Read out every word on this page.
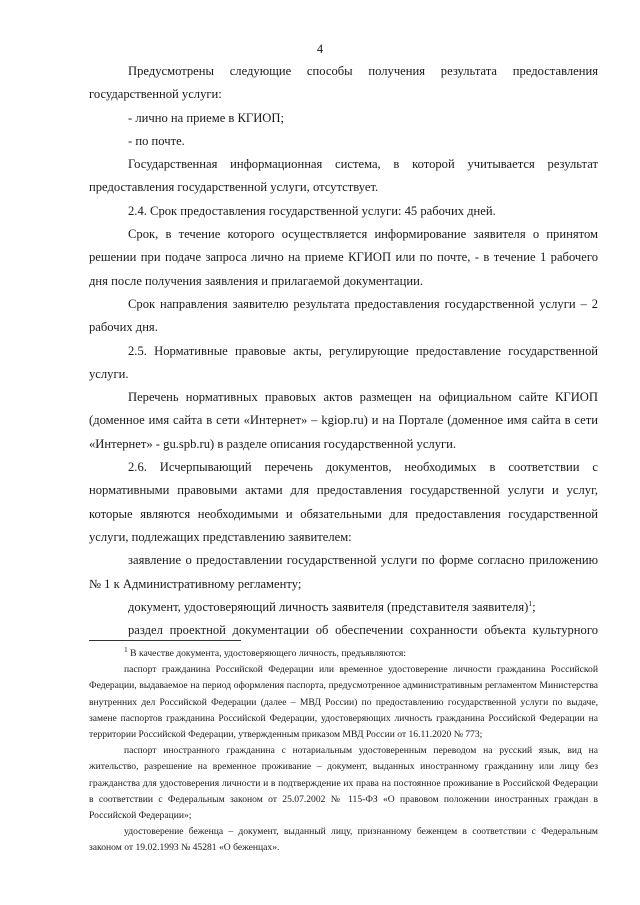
4

Предусмотрены следующие способы получения результата предоставления государственной услуги:

- лично на приеме в КГИОП;

- по почте.

Государственная информационная система, в которой учитывается результат предоставления государственной услуги, отсутствует.

2.4. Срок предоставления государственной услуги: 45 рабочих дней.

Срок, в течение которого осуществляется информирование заявителя о принятом решении при подаче запроса лично на приеме КГИОП или по почте, - в течение 1 рабочего дня после получения заявления и прилагаемой документации.

Срок направления заявителю результата предоставления государственной услуги – 2 рабочих дня.

2.5. Нормативные правовые акты, регулирующие предоставление государственной услуги.

Перечень нормативных правовых актов размещен на официальном сайте КГИОП (доменное имя сайта в сети «Интернет» – kgiop.ru) и на Портале (доменное имя сайта в сети «Интернет» - gu.spb.ru) в разделе описания государственной услуги.

2.6. Исчерпывающий перечень документов, необходимых в соответствии с нормативными правовыми актами для предоставления государственной услуги и услуг, которые являются необходимыми и обязательными для предоставления государственной услуги, подлежащих представлению заявителем:

заявление о предоставлении государственной услуги по форме согласно приложению № 1 к Административному регламенту;

документ, удостоверяющий личность заявителя (представителя заявителя)$^1$;

раздел проектной документации об обеспечении сохранности объекта культурного

$^1$ В качестве документа, удостоверяющего личность, предъявляются:

паспорт гражданина Российской Федерации или временное удостоверение личности гражданина Российской Федерации, выдаваемое на период оформления паспорта, предусмотренное административным регламентом Министерства внутренних дел Российской Федерации (далее – МВД России) по предоставлению государственной услуги по выдаче, замене паспортов гражданина Российской Федерации, удостоверяющих личность гражданина Российской Федерации на территории Российской Федерации, утвержденным приказом МВД России от 16.11.2020 № 773;

паспорт иностранного гражданина с нотариальным удостоверенным переводом на русский язык, вид на жительство, разрешение на временное проживание – документ, выданных иностранному гражданину или лицу без гражданства для удостоверения личности и в подтверждение их права на постоянное проживание в Российской Федерации в соответствии с Федеральным законом от 25.07.2002 № 115-ФЗ «О правовом положении иностранных граждан в Российской Федерации»;

удостоверение беженца – документ, выданный лицу, признанному беженцем в соответствии с Федеральным законом от 19.02.1993 № 45281 «О беженцах».
